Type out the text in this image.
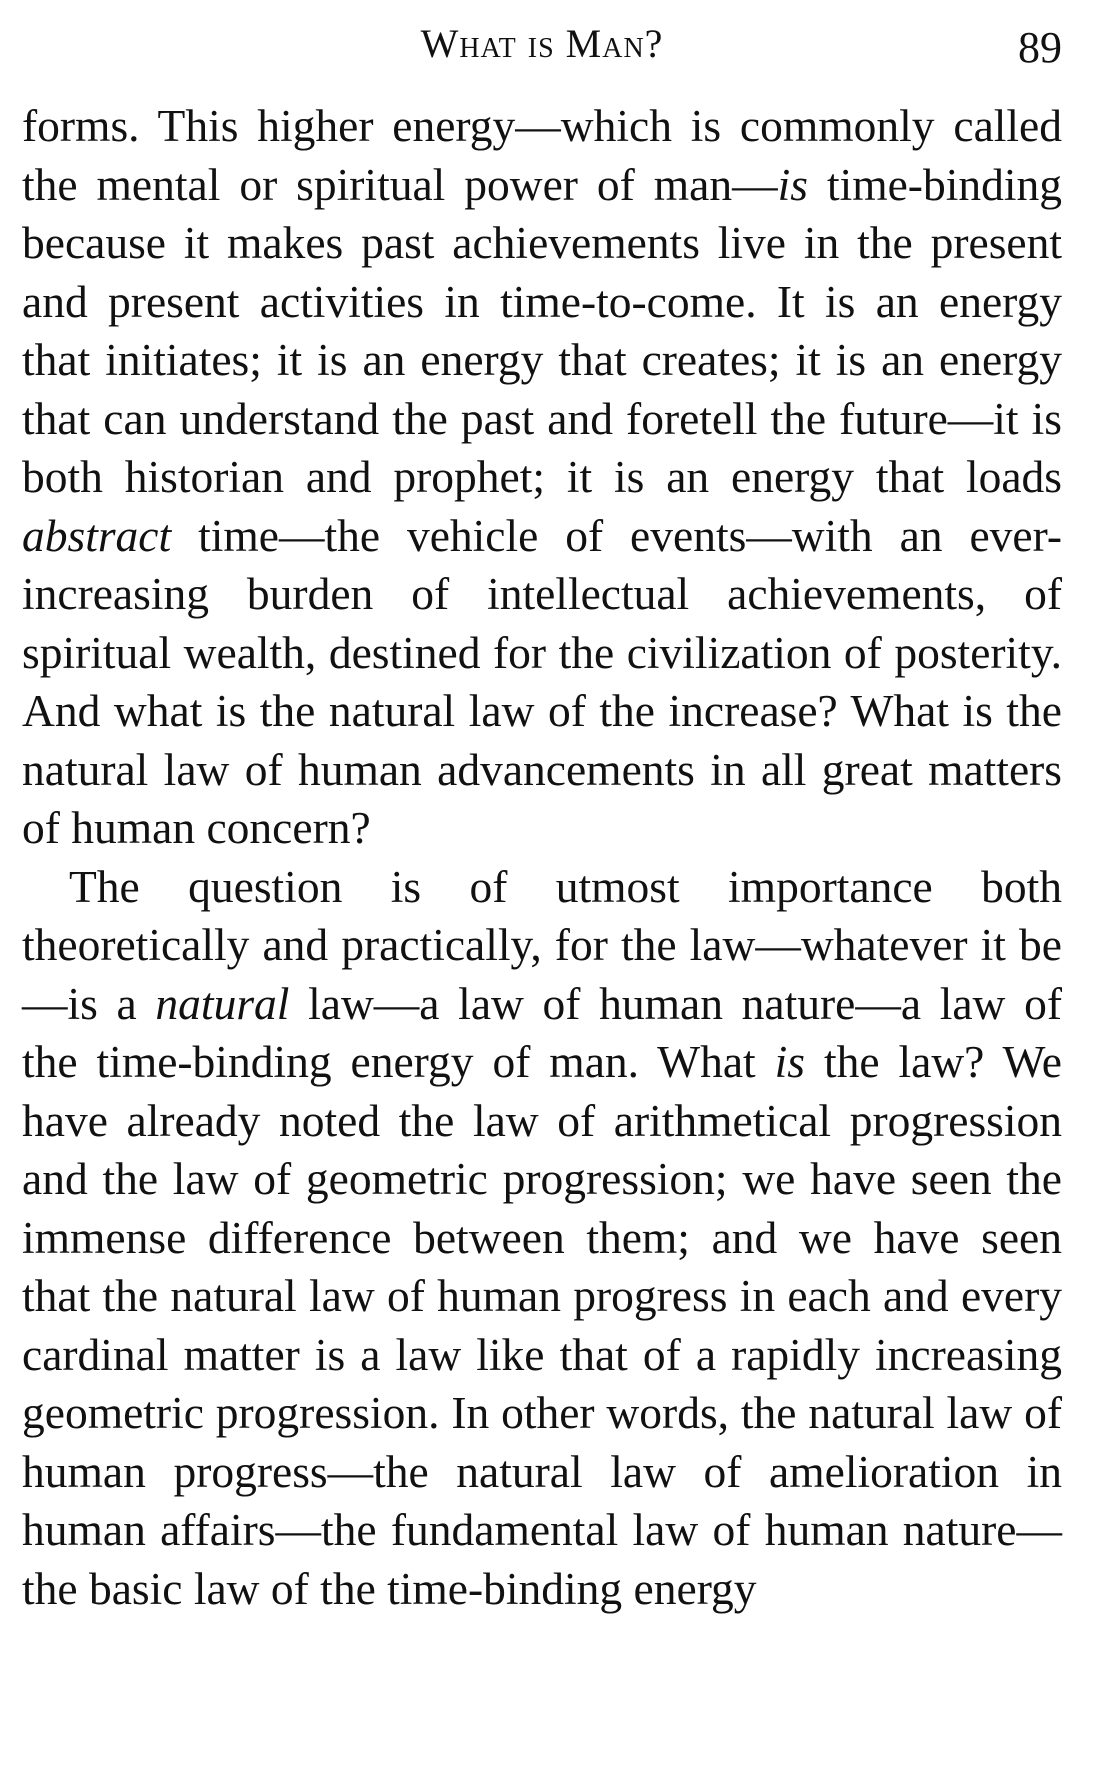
What is Man?	89

forms. This higher energy—which is commonly called the mental or spiritual power of man—is time-binding because it makes past achievements live in the present and present activities in time-to-come. It is an energy that initiates; it is an energy that creates; it is an energy that can understand the past and foretell the future—it is both historian and prophet; it is an energy that loads abstract time—the vehicle of events—with an ever-increasing burden of intellectual achievements, of spiritual wealth, destined for the civilization of posterity. And what is the natural law of the increase? What is the natural law of human advancements in all great matters of human concern?

The question is of utmost importance both theoretically and practically, for the law—whatever it be—is a natural law—a law of human nature—a law of the time-binding energy of man. What is the law? We have already noted the law of arithmetical progression and the law of geometric progression; we have seen the immense difference between them; and we have seen that the natural law of human progress in each and every cardinal matter is a law like that of a rapidly increasing geometric progression. In other words, the natural law of human progress—the natural law of amelioration in human affairs—the fundamental law of human nature—the basic law of the time-binding energy
